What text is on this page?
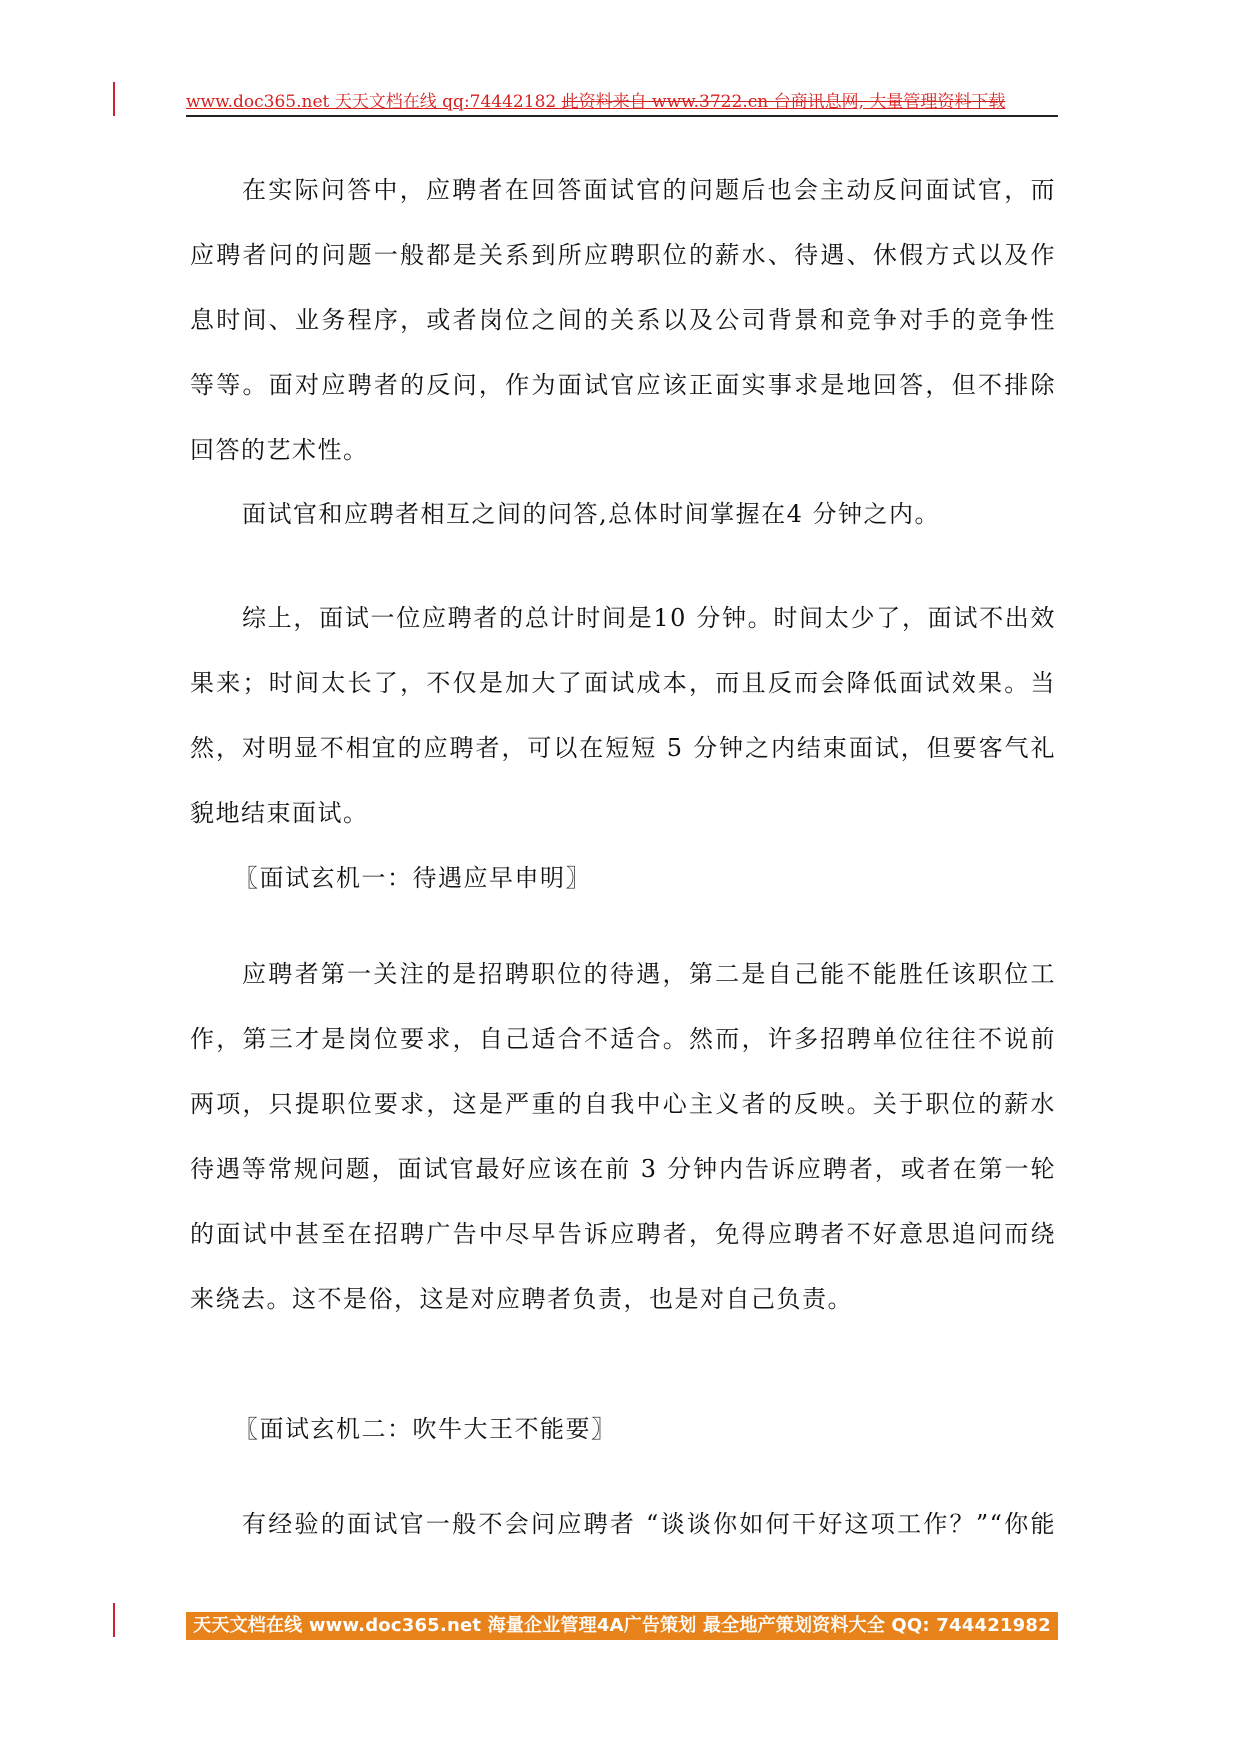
www.doc365.net 天天文档在线 qq:74442182 此资料来自 www.3722.cn 台商讯息网, 大量管理资料下载
在实际问答中，应聘者在回答面试官的问题后也会主动反问面试官，而
应聘者问的问题一般都是关系到所应聘职位的薪水、待遇、休假方式以及作
息时间、业务程序，或者岗位之间的关系以及公司背景和竞争对手的竞争性
等等。面对应聘者的反问，作为面试官应该正面实事求是地回答，但不排除
回答的艺术性。
面试官和应聘者相互之间的问答,总体时间掌握在4 分钟之内。
综上，面试一位应聘者的总计时间是10 分钟。时间太少了，面试不出效
果来；时间太长了，不仅是加大了面试成本，而且反而会降低面试效果。当
然，对明显不相宜的应聘者，可以在短短 5 分钟之内结束面试，但要客气礼
貌地结束面试。
〖面试玄机一：待遇应早申明〗
应聘者第一关注的是招聘职位的待遇，第二是自己能不能胜任该职位工
作，第三才是岗位要求，自己适合不适合。然而，许多招聘单位往往不说前
两项，只提职位要求，这是严重的自我中心主义者的反映。关于职位的薪水
待遇等常规问题，面试官最好应该在前 3 分钟内告诉应聘者，或者在第一轮
的面试中甚至在招聘广告中尽早告诉应聘者，免得应聘者不好意思追问而绕
来绕去。这不是俗，这是对应聘者负责，也是对自己负责。
〖面试玄机二：吹牛大王不能要〗
有经验的面试官一般不会问应聘者 “谈谈你如何干好这项工作？”“你能
天天文档在线 www.doc365.net 海量企业管理4A广告策划 最全地产策划资料大全 QQ: 744421982
